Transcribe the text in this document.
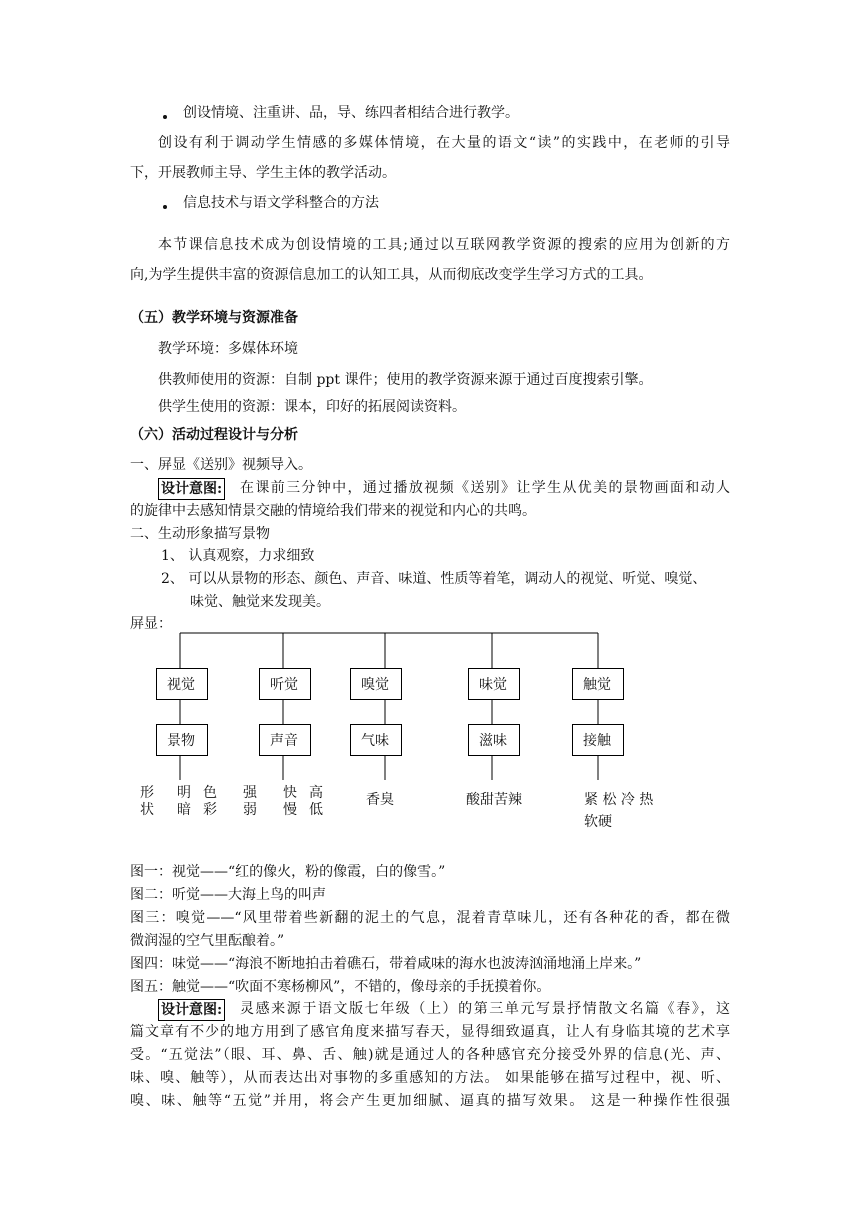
创设情境、注重讲、品，导、练四者相结合进行教学。
创设有利于调动学生情感的多媒体情境，在大量的语文“读”的实践中，在老师的引导
下，开展教师主导、学生主体的教学活动。
信息技术与语文学科整合的方法
本节课信息技术成为创设情境的工具;通过以互联网教学资源的搜索的应用为创新的方
向,为学生提供丰富的资源信息加工的认知工具，从而彻底改变学生学习方式的工具。
（五）教学环境与资源准备
教学环境：多媒体环境
供教师使用的资源：自制 ppt 课件；使用的教学资源来源于通过百度搜索引擎。
供学生使用的资源：课本，印好的拓展阅读资料。
（六）活动过程设计与分析
一、屏显《送别》视频导入。
设计意图: 在课前三分钟中，通过播放视频《送别》让学生从优美的景物画面和动人
的旋律中去感知情景交融的情境给我们带来的视觉和内心的共鸣。
二、生动形象描写景物
1、 认真观察，力求细致
2、 可以从景物的形态、颜色、声音、味道、性质等着笔，调动人的视觉、听觉、嗅觉、
味觉、触觉来发现美。
屏显：
视觉	听觉	嗅觉	味觉	触觉
景物	声音	气味	滋味	接触
形
状
明
暗
色
彩
强
弱
快
慢
高
低
香臭	酸甜苦辣	紧 松 冷 热
软硬
图一：视觉——“红的像火，粉的像霞，白的像雪。”
图二：听觉——大海上鸟的叫声
图三：嗅觉——“风里带着些新翻的泥土的气息，混着青草味儿，还有各种花的香，都在微
微润湿的空气里酝酿着。”
图四：味觉——“海浪不断地拍击着礁石，带着咸味的海水也波涛汹涌地涌上岸来。”
图五：触觉——“吹面不寒杨柳风”，不错的，像母亲的手抚摸着你。
设计意图: 灵感来源于语文版七年级（上）的第三单元写景抒情散文名篇《春》，这
篇文章有不少的地方用到了感官角度来描写春天，显得细致逼真，让人有身临其境的艺术享
受。“五觉法”（眼、耳、鼻、舌、触)就是通过人的各种感官充分接受外界的信息(光、声、
味、嗅、触等），从而表达出对事物的多重感知的方法。 如果能够在描写过程中，视、听、
嗅、味、触等“五觉”并用，将会产生更加细腻、逼真的描写效果。 这是一种操作性很强
